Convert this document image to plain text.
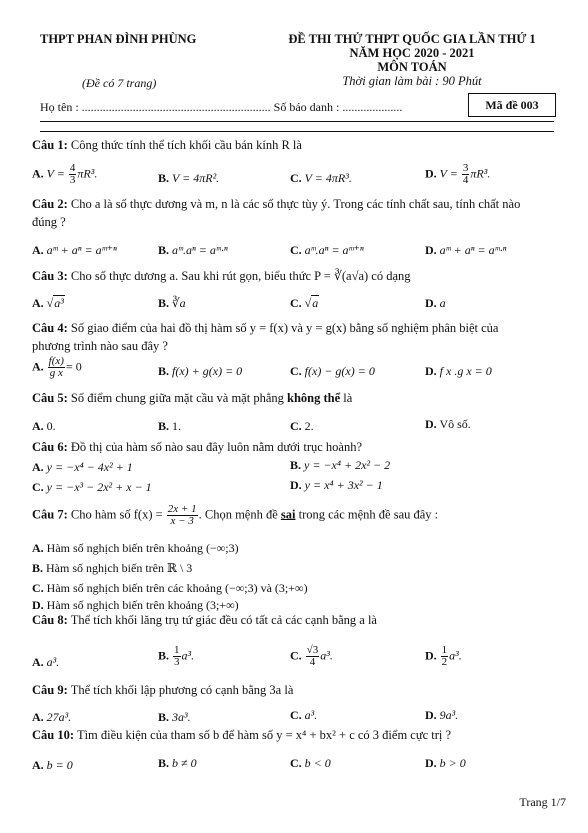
THPT PHAN ĐÌNH PHÙNG
(Đề có 7 trang)
ĐỀ THI THỬ THPT QUỐC GIA LẦN THỨ 1
NĂM HỌC 2020 - 2021
MÔN TOÁN
Thời gian làm bài : 90 Phút
Họ tên : ............................................................... Số báo danh : ....................	Mã đề 003
Câu 1: Công thức tính thể tích khối cầu bán kính R là
A. $V = \frac{4}{3} \pi R^3$.	B. V = 4πR².	C. V = 4πR³.	D. $V = \frac{3}{4} \pi R^3$.
Câu 2: Cho a là số thực dương và m, n là các số thực tùy ý. Trong các tính chất sau, tính chất nào
đúng ?
A. aᵐ + aⁿ = aᵐ⁺ⁿ	B. aᵐ.aⁿ = aᵐ·ⁿ	C. aᵐ.aⁿ = aᵐ⁺ⁿ	D. aᵐ + aⁿ = aᵐ·ⁿ
Câu 3: Cho số thực dương a. Sau khi rút gọn, biểu thức P = ∛(a√a) có dạng
A. √a³	B. ∛a	C. √a	D. a
Câu 4: Số giao điểm của hai đồ thị hàm số y = f(x) và y = g(x) bằng số nghiệm phân biệt của
phương trình nào sau đây ?
A. $\frac{f(x)}{\text{g x}} = 0$	B. f(x) + g(x) = 0	C. f(x) − g(x) = 0	D. f x .g x = 0
Câu 5: Số điểm chung giữa mặt cầu và mặt phẳng không thể là
A. 0.	B. 1.	C. 2.	D. Vô số.
Câu 6: Đồ thị của hàm số nào sau đây luôn nằm dưới trục hoành?
A. y = −x⁴ − 4x² + 1	B. y = −x⁴ + 2x² − 2
C. y = −x³ − 2x² + x − 1	D. y = x⁴ + 3x² − 1
Câu 7: Cho hàm số $f(x) = \frac{2x + 1}{x - 3}$ . Chọn mệnh đề sai trong các mệnh đề sau đây :
A. Hàm số nghịch biến trên khoảng (−∞;3)
B. Hàm số nghịch biến trên ℝ \ 3
C. Hàm số nghịch biến trên các khoảng (−∞;3) và (3;+∞)
D. Hàm số nghịch biến trên khoảng (3;+∞)
Câu 8: Thể tích khối lăng trụ tứ giác đều có tất cả các cạnh bằng a là
A. a³.	B. $\frac{1}{3} a^3$.	C. $\frac{√3}{4} a^3$.	D. $\frac{1}{2} a^3$.
Câu 9: Thể tích khối lập phương có cạnh bằng 3a là
A. 27a³.	B. 3a³.	C. a³.	D. 9a³.
Câu 10: Tìm điều kiện của tham số b để hàm số y = x⁴ + bx² + c có 3 điểm cực trị ?
A. b = 0	B. b ≠ 0	C. b < 0	D. b > 0
Trang 1/7
